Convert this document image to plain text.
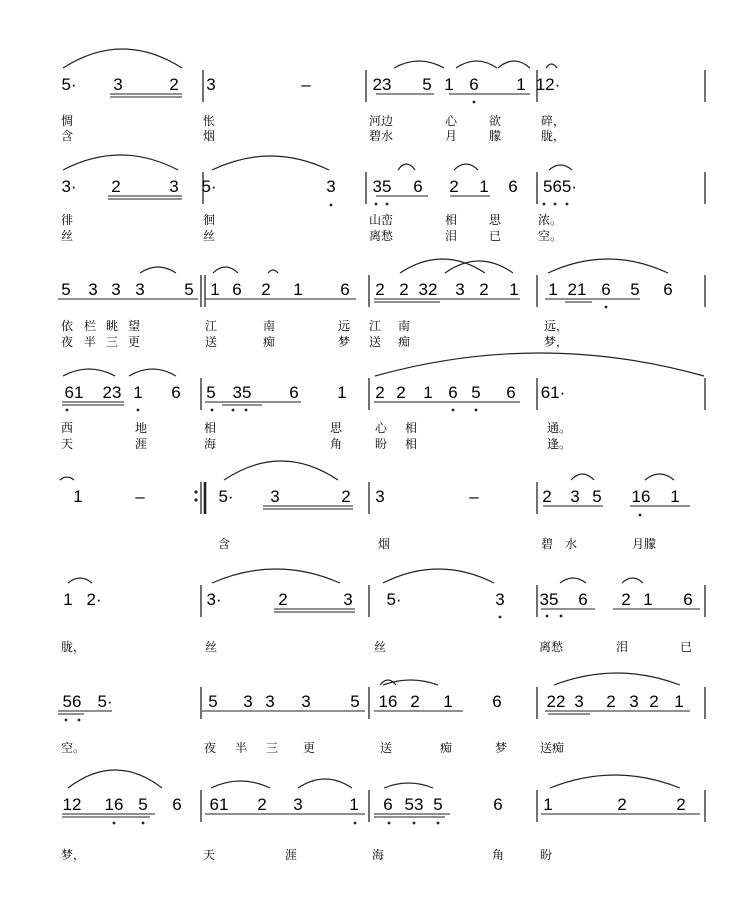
5· 3	2 3	–	23 5 1 6 1 12·
3· 2	3 5·	3 35 6 2 1 6 565·
5 3 3 3 5 1 6 2 1 6 2 2 32 3 2 1 1 21 6 5 6
61 23 1 6 5 35 6 1 2 2 1 6 5 6 61·
1	–	5· 3	2 3	–	2 3 5 16 1
1 2·	3·	2	3 5·	3 35 6 2 1 6
56 5·	5 3 3 3 5 16 2 1 6	22 3 2 3 2 1
12 16 5 6 61 2 3	1 6 53 5	6 1	2	2
惆	怅	河边	心	欲	碎，
含	烟	碧水	月	朦	胧，
徘	徊	山峦	相	思	浓。
丝	丝	离愁	泪	已	空。
依 栏 眺 望	江	南	远 江 南	远，
夜 半 三 更	送	痴	梦 送 痴	梦，
西	地	相	思	心 相	通。
天	涯	海	角	盼 相	逢。
含	烟	碧 水	月朦
胧，	丝	丝	离愁	泪	已
空。	夜 半 三 更	送	痴	梦	送痴
梦，	天	涯	海	角	盼
